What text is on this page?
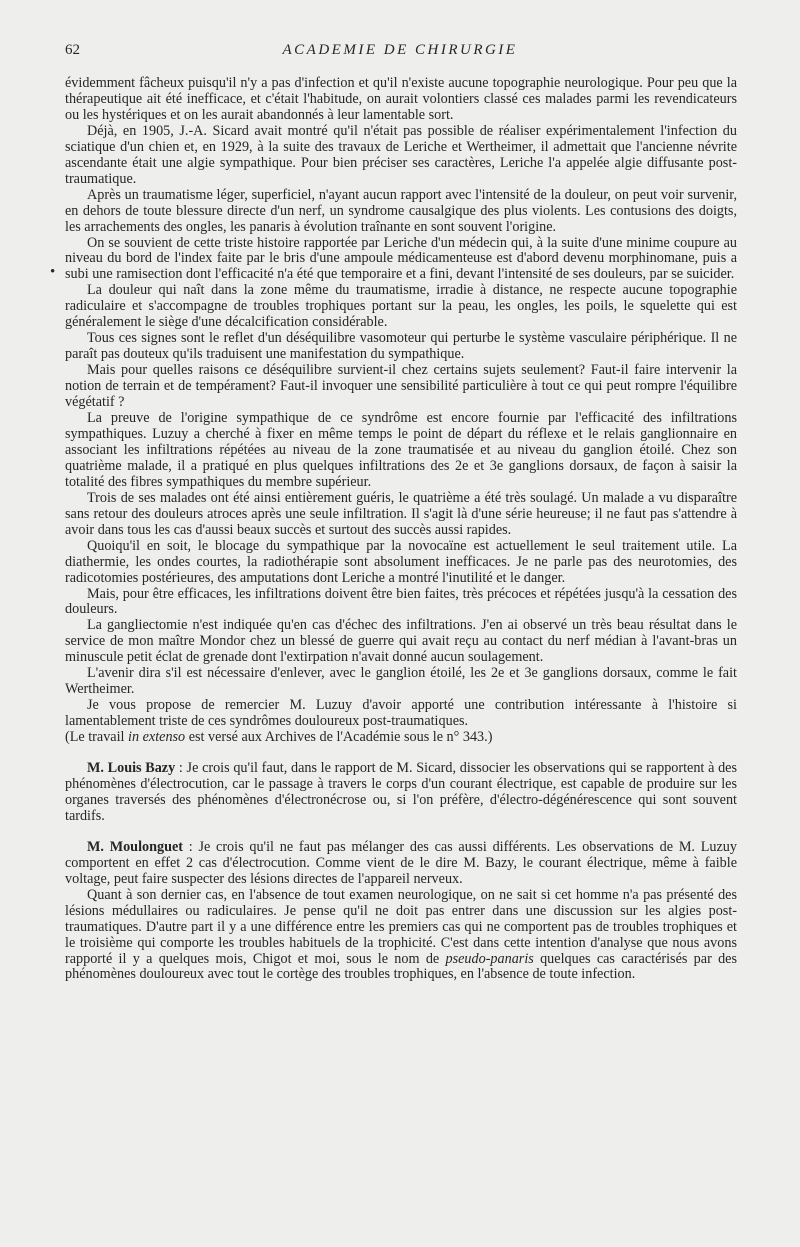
62	ACADEMIE DE CHIRURGIE
•

évidemment fâcheux puisqu'il n'y a pas d'infection et qu'il n'existe aucune topographie neurologique. Pour peu que la thérapeutique ait été inefficace, et c'était l'habitude, on aurait volontiers classé ces malades parmi les revendicateurs ou les hystériques et on les aurait abandonnés à leur lamentable sort.

Déjà, en 1905, J.-A. Sicard avait montré qu'il n'était pas possible de réaliser expérimentalement l'infection du sciatique d'un chien et, en 1929, à la suite des travaux de Leriche et Wertheimer, il admettait que l'ancienne névrite ascendante était une algie sympathique. Pour bien préciser ses caractères, Leriche l'a appelée algie diffusante post-traumatique.

Après un traumatisme léger, superficiel, n'ayant aucun rapport avec l'intensité de la douleur, on peut voir survenir, en dehors de toute blessure directe d'un nerf, un syndrome causalgique des plus violents. Les contusions des doigts, les arrachements des ongles, les panaris à évolution traînante en sont souvent l'origine.

On se souvient de cette triste histoire rapportée par Leriche d'un médecin qui, à la suite d'une minime coupure au niveau du bord de l'index faite par le bris d'une ampoule médicamenteuse est d'abord devenu morphinomane, puis a subi une ramisection dont l'efficacité n'a été que temporaire et a fini, devant l'intensité de ses douleurs, par se suicider.

La douleur qui naît dans la zone même du traumatisme, irradie à distance, ne respecte aucune topographie radiculaire et s'accompagne de troubles trophiques portant sur la peau, les ongles, les poils, le squelette qui est généralement le siège d'une décalcification considérable.

Tous ces signes sont le reflet d'un déséquilibre vasomoteur qui perturbe le système vasculaire périphérique. Il ne paraît pas douteux qu'ils traduisent une manifestation du sympathique.

Mais pour quelles raisons ce déséquilibre survient-il chez certains sujets seulement? Faut-il faire intervenir la notion de terrain et de tempérament? Faut-il invoquer une sensibilité particulière à tout ce qui peut rompre l'équilibre végétatif ?

La preuve de l'origine sympathique de ce syndrôme est encore fournie par l'efficacité des infiltrations sympathiques. Luzuy a cherché à fixer en même temps le point de départ du réflexe et le relais ganglionnaire en associant les infiltrations répétées au niveau de la zone traumatisée et au niveau du ganglion étoilé. Chez son quatrième malade, il a pratiqué en plus quelques infiltrations des 2e et 3e ganglions dorsaux, de façon à saisir la totalité des fibres sympathiques du membre supérieur.

Trois de ses malades ont été ainsi entièrement guéris, le quatrième a été très soulagé. Un malade a vu disparaître sans retour des douleurs atroces après une seule infiltration. Il s'agit là d'une série heureuse; il ne faut pas s'attendre à avoir dans tous les cas d'aussi beaux succès et surtout des succès aussi rapides.

Quoiqu'il en soit, le blocage du sympathique par la novocaïne est actuellement le seul traitement utile. La diathermie, les ondes courtes, la radiothérapie sont absolument inefficaces. Je ne parle pas des neurotomies, des radicotomies postérieures, des amputations dont Leriche a montré l'inutilité et le danger.

Mais, pour être efficaces, les infiltrations doivent être bien faites, très précoces et répétées jusqu'à la cessation des douleurs.

La gangliectomie n'est indiquée qu'en cas d'échec des infiltrations. J'en ai observé un très beau résultat dans le service de mon maître Mondor chez un blessé de guerre qui avait reçu au contact du nerf médian à l'avant-bras un minuscule petit éclat de grenade dont l'extirpation n'avait donné aucun soulagement.

L'avenir dira s'il est nécessaire d'enlever, avec le ganglion étoilé, les 2e et 3e ganglions dorsaux, comme le fait Wertheimer.

Je vous propose de remercier M. Luzuy d'avoir apporté une contribution intéressante à l'histoire si lamentablement triste de ces syndrômes douloureux post-traumatiques.
(Le travail in extenso est versé aux Archives de l'Académie sous le n° 343.)

M. Louis Bazy : Je crois qu'il faut, dans le rapport de M. Sicard, dissocier les observations qui se rapportent à des phénomènes d'électrocution, car le passage à travers le corps d'un courant électrique, est capable de produire sur les organes traversés des phénomènes d'électronécrose ou, si l'on préfère, d'électro-dégénérescence qui sont souvent tardifs.

M. Moulonguet : Je crois qu'il ne faut pas mélanger des cas aussi différents. Les observations de M. Luzuy comportent en effet 2 cas d'électrocution. Comme vient de le dire M. Bazy, le courant électrique, même à faible voltage, peut faire suspecter des lésions directes de l'appareil nerveux.

Quant à son dernier cas, en l'absence de tout examen neurologique, on ne sait si cet homme n'a pas présenté des lésions médullaires ou radiculaires. Je pense qu'il ne doit pas entrer dans une discussion sur les algies post-traumatiques. D'autre part il y a une différence entre les premiers cas qui ne comportent pas de troubles trophiques et le troisième qui comporte les troubles habituels de la trophicité. C'est dans cette intention d'analyse que nous avons rapporté il y a quelques mois, Chigot et moi, sous le nom de pseudo-panaris quelques cas caractérisés par des phénomènes douloureux avec tout le cortège des troubles trophiques, en l'absence de toute infection.
